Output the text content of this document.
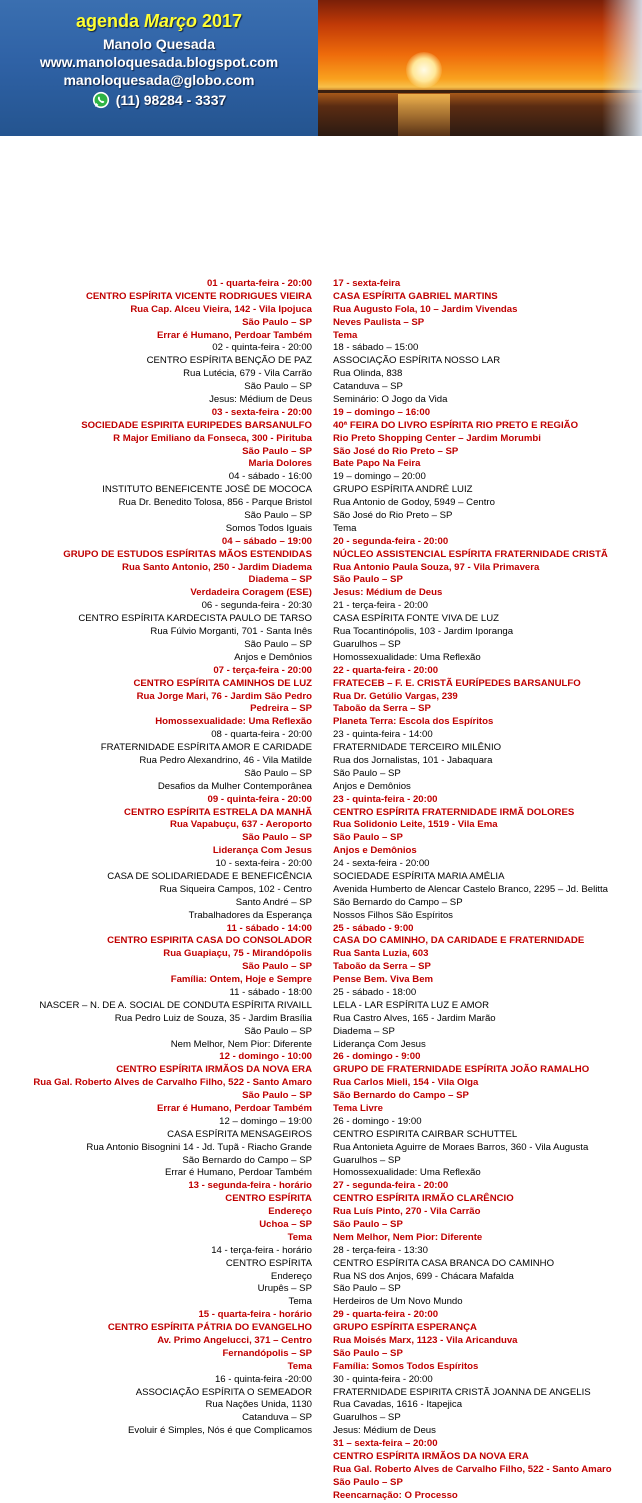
agenda Março 2017
Manolo Quesada
www.manoloquesada.blogspot.com
manoloquesada@globo.com
(11) 98284 - 3337
01 - quarta-feira - 20:00
CENTRO ESPÍRITA VICENTE RODRIGUES VIEIRA
Rua Cap. Alceu Vieira, 142 - Vila Ipojuca
São Paulo – SP
Errar é Humano, Perdoar Também
02 - quinta-feira - 20:00
CENTRO ESPÍRITA BENÇÃO DE PAZ
Rua Lutécia, 679 - Vila Carrão
São Paulo – SP
Jesus: Médium de Deus
03 - sexta-feira - 20:00
SOCIEDADE ESPIRITA EURIPEDES BARSANULFO
R Major Emiliano da Fonseca, 300 - Pirituba
São Paulo – SP
Maria Dolores
04 - sábado - 16:00
INSTITUTO BENEFICENTE JOSÉ DE MOCOCA
Rua Dr. Benedito Tolosa, 856 - Parque Bristol
São Paulo – SP
Somos Todos Iguais
04 – sábado – 19:00
GRUPO DE ESTUDOS ESPÍRITAS MÃOS ESTENDIDAS
Rua Santo Antonio, 250 - Jardim Diadema
Diadema – SP
Verdadeira Coragem (ESE)
06 - segunda-feira - 20:30
CENTRO ESPÍRITA KARDECISTA PAULO DE TARSO
Rua Fúlvio Morganti, 701 - Santa Inês
São Paulo – SP
Anjos e Demônios
07 - terça-feira - 20:00
CENTRO ESPÍRITA CAMINHOS DE LUZ
Rua Jorge Mari, 76 - Jardim São Pedro
Pedreira – SP
Homossexualidade: Uma Reflexão
08 - quarta-feira - 20:00
FRATERNIDADE ESPÍRITA AMOR E CARIDADE
Rua Pedro Alexandrino, 46 - Vila Matilde
São Paulo – SP
Desafios da Mulher Contemporânea
09 - quinta-feira - 20:00
CENTRO ESPÍRITA ESTRELA DA MANHÃ
Rua Vapabuçu, 637 - Aeroporto
São Paulo – SP
Liderança Com Jesus
10 - sexta-feira - 20:00
CASA DE SOLIDARIEDADE E BENEFICÊNCIA
Rua Siqueira Campos, 102 - Centro
Santo André – SP
Trabalhadores da Esperança
11 - sábado - 14:00
CENTRO ESPIRITA CASA DO CONSOLADOR
Rua Guapiaçu, 75 - Mirandópolis
São Paulo – SP
Família: Ontem, Hoje e Sempre
11 - sábado - 18:00
NASCER – N. DE A. SOCIAL DE CONDUTA ESPÍRITA RIVAILL
Rua Pedro Luiz de Souza, 35 - Jardim Brasília
São Paulo – SP
Nem Melhor, Nem Pior: Diferente
12 - domingo - 10:00
CENTRO ESPÍRITA IRMÃOS DA NOVA ERA
Rua Gal. Roberto Alves de Carvalho Filho, 522 - Santo Amaro
São Paulo – SP
Errar é Humano, Perdoar Também
12 – domingo – 19:00
CASA ESPÍRITA MENSAGEIROS
Rua Antonio Bisognini 14 - Jd. Tupã - Riacho Grande
São Bernardo do Campo – SP
Errar é Humano, Perdoar Também
13 - segunda-feira - horário
CENTRO ESPÍRITA
Endereço
Uchoa – SP
Tema
14 - terça-feira - horário
CENTRO ESPÍRITA
Endereço
Urupês – SP
Tema
15 - quarta-feira - horário
CENTRO ESPÍRITA PÁTRIA DO EVANGELHO
Av. Primo Angelucci, 371 – Centro
Fernandópolis – SP
Tema
16 - quinta-feira -20:00
ASSOCIAÇÃO ESPÍRITA O SEMEADOR
Rua Nações Unida, 1130
Catanduva – SP
Evoluir é Simples, Nós é que Complicamos
17 - sexta-feira
CASA ESPÍRITA GABRIEL MARTINS
Rua Augusto Fola, 10 – Jardim Vivendas
Neves Paulista – SP
Tema
18 - sábado – 15:00
ASSOCIAÇÃO ESPÍRITA NOSSO LAR
Rua Olinda, 838
Catanduva – SP
Seminário: O Jogo da Vida
19 – domingo – 16:00
40ª FEIRA DO LIVRO ESPÍRITA RIO PRETO E REGIÃO
Rio Preto Shopping Center – Jardim Morumbi
São José do Rio Preto – SP
Bate Papo Na Feira
19 – domingo – 20:00
GRUPO ESPÍRITA ANDRÉ LUIZ
Rua Antonio de Godoy, 5949 – Centro
São José do Rio Preto – SP
Tema
20 - segunda-feira - 20:00
NÚCLEO ASSISTENCIAL ESPÍRITA FRATERNIDADE CRISTÃ
Rua Antonio Paula Souza, 97 - Vila Primavera
São Paulo – SP
Jesus: Médium de Deus
21 - terça-feira - 20:00
CASA ESPÍRITA FONTE VIVA DE LUZ
Rua Tocantinópolis, 103 - Jardim Iporanga
Guarulhos – SP
Homossexualidade: Uma Reflexão
22 - quarta-feira - 20:00
FRATECEB – F. E. CRISTÃ EURÍPEDES BARSANULFO
Rua Dr. Getúlio Vargas, 239
Taboão da Serra – SP
Planeta Terra: Escola dos Espíritos
23 - quinta-feira - 14:00
FRATERNIDADE TERCEIRO MILÊNIO
Rua dos Jornalistas, 101 - Jabaquara
São Paulo – SP
Anjos e Demônios
23 - quinta-feira - 20:00
CENTRO ESPÍRITA FRATERNIDADE IRMÃ DOLORES
Rua Solidonio Leite, 1519 - Vila Ema
São Paulo – SP
Anjos e Demônios
24 - sexta-feira - 20:00
SOCIEDADE ESPÍRITA MARIA AMÉLIA
Avenida Humberto de Alencar Castelo Branco, 2295 – Jd. Belitta
São Bernardo do Campo – SP
Nossos Filhos São Espíritos
25 - sábado - 9:00
CASA DO CAMINHO, DA CARIDADE E FRATERNIDADE
Rua Santa Luzia, 603
Taboão da Serra – SP
Pense Bem. Viva Bem
25 - sábado - 18:00
LELA - LAR ESPÍRITA LUZ E AMOR
Rua Castro Alves, 165 - Jardim Marão
Diadema – SP
Liderança Com Jesus
26 - domingo - 9:00
GRUPO DE FRATERNIDADE ESPÍRITA JOÃO RAMALHO
Rua Carlos Mieli, 154 - Vila Olga
São Bernardo do Campo – SP
Tema Livre
26 - domingo - 19:00
CENTRO ESPIRITA CAIRBAR SCHUTTEL
Rua Antonieta Aguirre de Moraes Barros, 360 - Vila Augusta
Guarulhos – SP
Homossexualidade: Uma Reflexão
27 - segunda-feira - 20:00
CENTRO ESPÍRITA IRMÃO CLARÊNCIO
Rua Luís Pinto, 270 - Vila Carrão
São Paulo – SP
Nem Melhor, Nem Pior: Diferente
28 - terça-feira - 13:30
CENTRO ESPÍRITA CASA BRANCA DO CAMINHO
Rua NS dos Anjos, 699 - Chácara Mafalda
São Paulo – SP
Herdeiros de Um Novo Mundo
29 - quarta-feira - 20:00
GRUPO ESPÍRITA ESPERANÇA
Rua Moisés Marx, 1123 - Vila Aricanduva
São Paulo – SP
Família: Somos Todos Espíritos
30 - quinta-feira - 20:00
FRATERNIDADE ESPIRITA CRISTÃ JOANNA DE ANGELIS
Rua Cavadas, 1616 - Itapejica
Guarulhos – SP
Jesus: Médium de Deus
31 – sexta-feira – 20:00
CENTRO ESPÍRITA IRMÃOS DA NOVA ERA
Rua Gal. Roberto Alves de Carvalho Filho, 522 - Santo Amaro
São Paulo – SP
Reencarnação: O Processo
